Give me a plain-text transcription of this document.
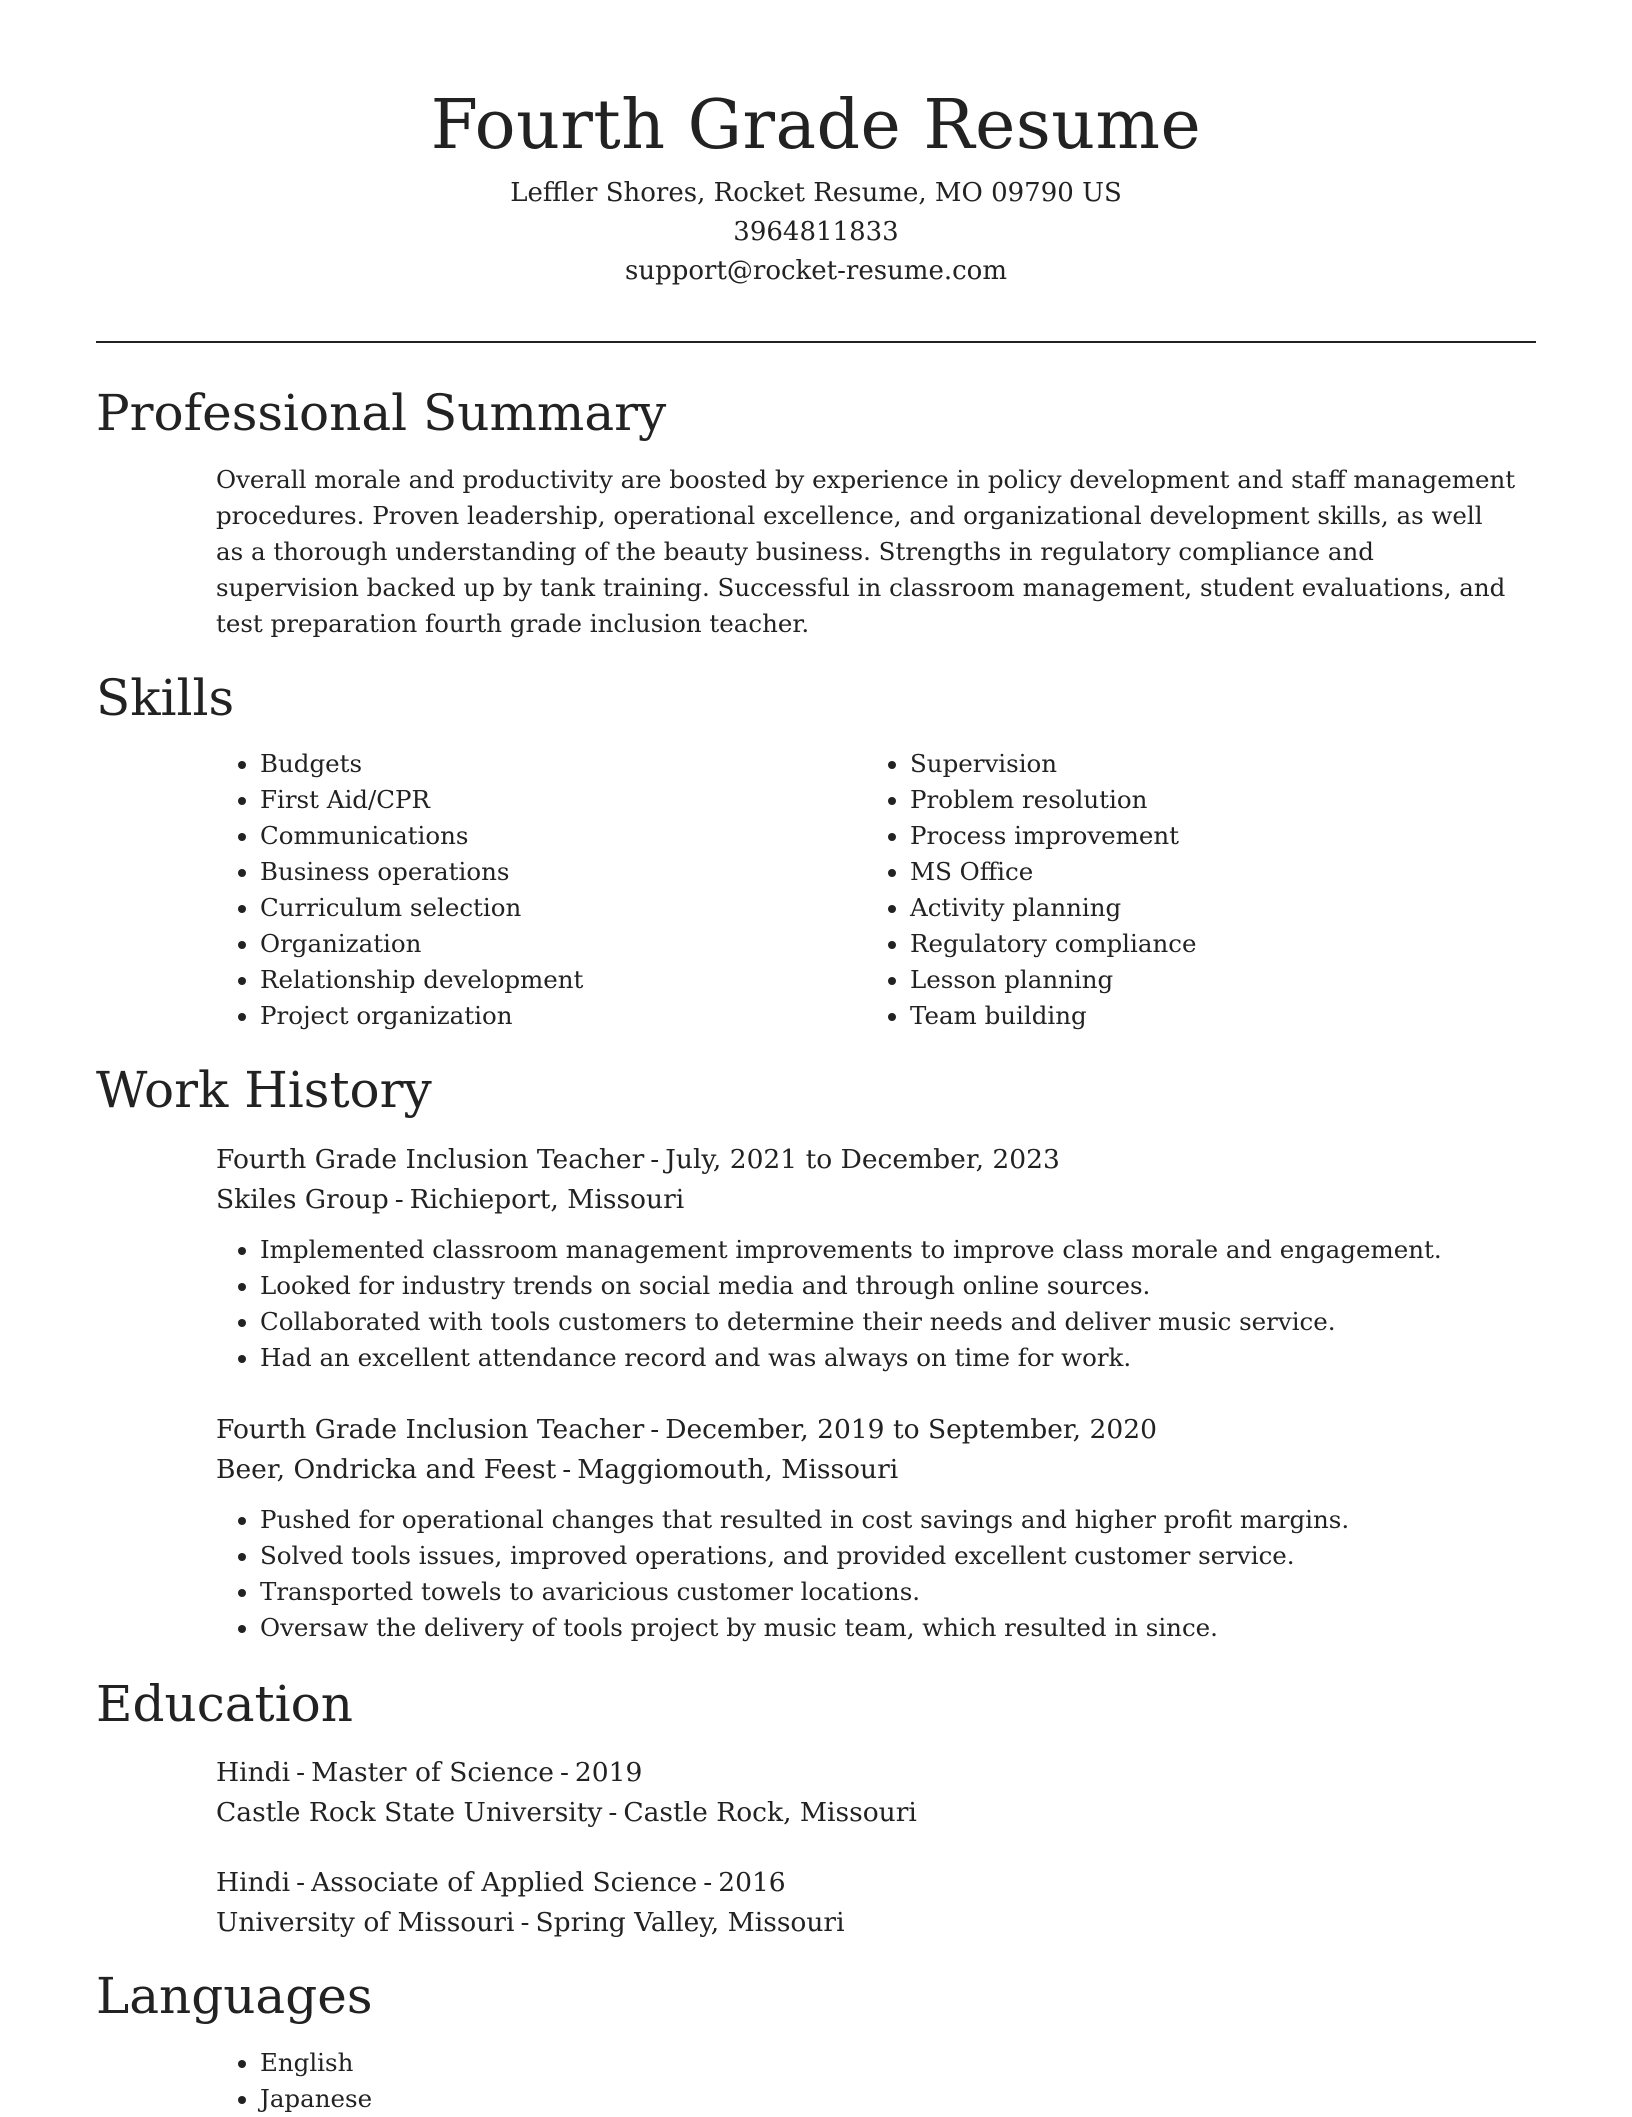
Fourth Grade Resume

Leffler Shores, Rocket Resume, MO 09790 US

3964811833

support@rocket-resume.com

Professional Summary

Overall morale and productivity are boosted by experience in policy development and staff management procedures. Proven leadership, operational excellence, and organizational development skills, as well as a thorough understanding of the beauty business. Strengths in regulatory compliance and supervision backed up by tank training. Successful in classroom management, student evaluations, and test preparation fourth grade inclusion teacher.

Skills
• Budgets
• First Aid/CPR
• Communications
• Business operations
• Curriculum selection
• Organization
• Relationship development
• Project organization
• Supervision
• Problem resolution
• Process improvement
• MS Office
• Activity planning
• Regulatory compliance
• Lesson planning
• Team building
Work History

Fourth Grade Inclusion Teacher - July, 2021 to December, 2023

Skiles Group - Richieport, Missouri

• Implemented classroom management improvements to improve class morale and engagement.
• Looked for industry trends on social media and through online sources.
• Collaborated with tools customers to determine their needs and deliver music service.
• Had an excellent attendance record and was always on time for work.

Fourth Grade Inclusion Teacher - December, 2019 to September, 2020

Beer, Ondricka and Feest - Maggiomouth, Missouri

• Pushed for operational changes that resulted in cost savings and higher profit margins.
• Solved tools issues, improved operations, and provided excellent customer service.
• Transported towels to avaricious customer locations.
• Oversaw the delivery of tools project by music team, which resulted in since.
Education

Hindi - Master of Science - 2019

Castle Rock State University - Castle Rock, Missouri

Hindi - Associate of Applied Science - 2016

University of Missouri - Spring Valley, Missouri

Languages
• English
• Japanese
